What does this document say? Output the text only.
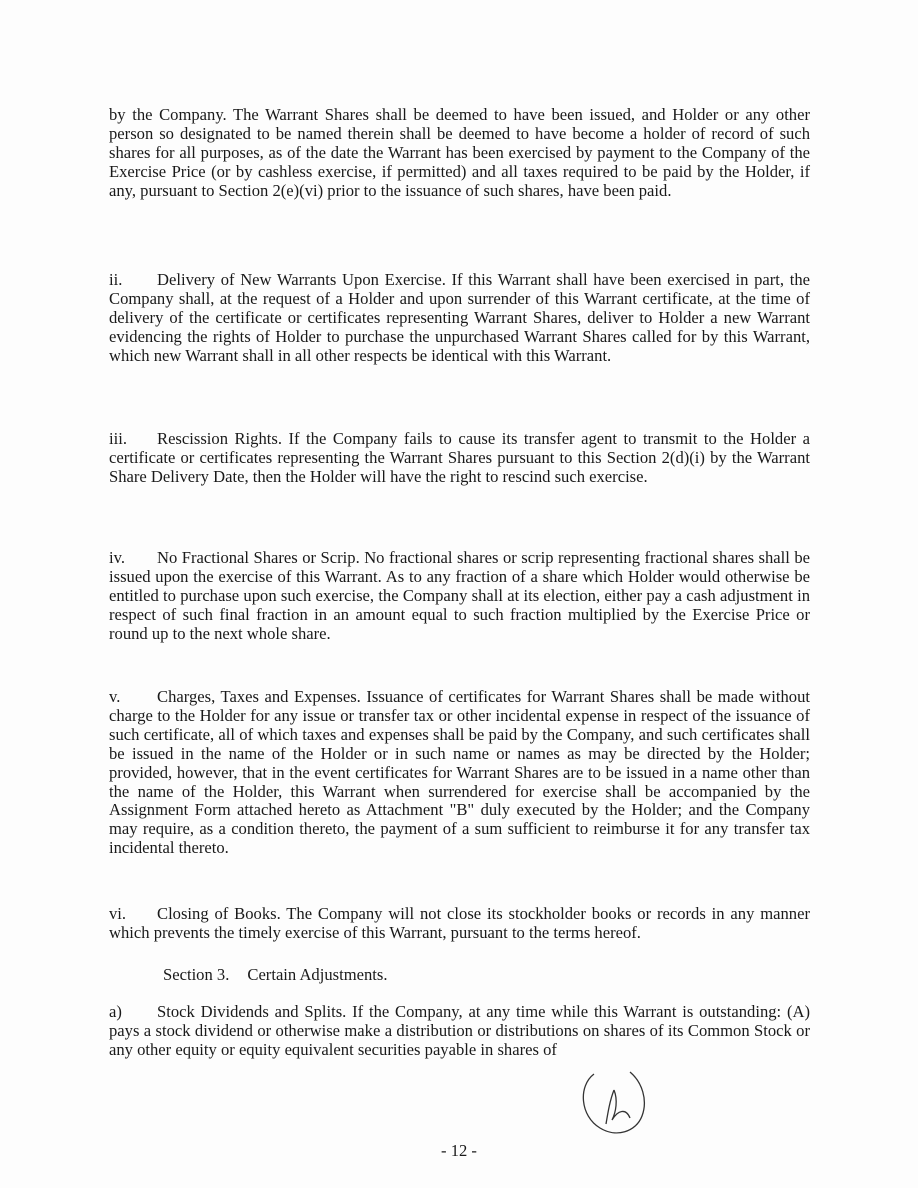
by the Company. The Warrant Shares shall be deemed to have been issued, and Holder or any other person so designated to be named therein shall be deemed to have become a holder of record of such shares for all purposes, as of the date the Warrant has been exercised by payment to the Company of the Exercise Price (or by cashless exercise, if permitted) and all taxes required to be paid by the Holder, if any, pursuant to Section 2(e)(vi) prior to the issuance of such shares, have been paid.

ii. Delivery of New Warrants Upon Exercise. If this Warrant shall have been exercised in part, the Company shall, at the request of a Holder and upon surrender of this Warrant certificate, at the time of delivery of the certificate or certificates representing Warrant Shares, deliver to Holder a new Warrant evidencing the rights of Holder to purchase the unpurchased Warrant Shares called for by this Warrant, which new Warrant shall in all other respects be identical with this Warrant.

iii. Rescission Rights. If the Company fails to cause its transfer agent to transmit to the Holder a certificate or certificates representing the Warrant Shares pursuant to this Section 2(d)(i) by the Warrant Share Delivery Date, then the Holder will have the right to rescind such exercise.

iv. No Fractional Shares or Scrip. No fractional shares or scrip representing fractional shares shall be issued upon the exercise of this Warrant. As to any fraction of a share which Holder would otherwise be entitled to purchase upon such exercise, the Company shall at its election, either pay a cash adjustment in respect of such final fraction in an amount equal to such fraction multiplied by the Exercise Price or round up to the next whole share.

v. Charges, Taxes and Expenses. Issuance of certificates for Warrant Shares shall be made without charge to the Holder for any issue or transfer tax or other incidental expense in respect of the issuance of such certificate, all of which taxes and expenses shall be paid by the Company, and such certificates shall be issued in the name of the Holder or in such name or names as may be directed by the Holder; provided, however, that in the event certificates for Warrant Shares are to be issued in a name other than the name of the Holder, this Warrant when surrendered for exercise shall be accompanied by the Assignment Form attached hereto as Attachment "B" duly executed by the Holder; and the Company may require, as a condition thereto, the payment of a sum sufficient to reimburse it for any transfer tax incidental thereto.

vi. Closing of Books. The Company will not close its stockholder books or records in any manner which prevents the timely exercise of this Warrant, pursuant to the terms hereof.

Section 3. Certain Adjustments.

a) Stock Dividends and Splits. If the Company, at any time while this Warrant is outstanding: (A) pays a stock dividend or otherwise make a distribution or distributions on shares of its Common Stock or any other equity or equity equivalent securities payable in shares of

- 12 -
